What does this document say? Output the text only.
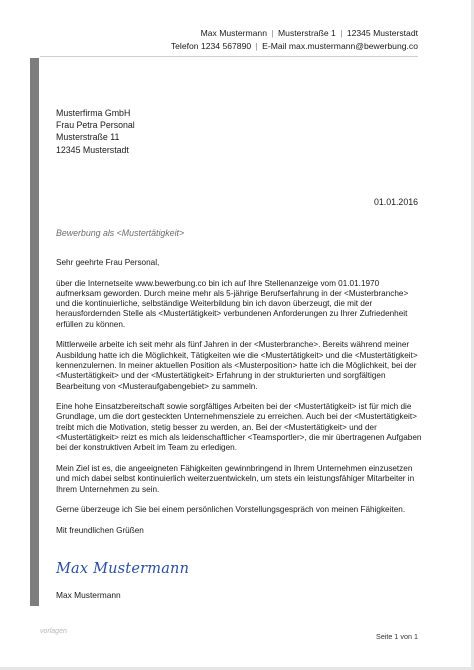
Max Mustermann | Musterstraße 1 | 12345 Musterstadt
Telefon 1234 567890 | E-Mail max.mustermann@bewerbung.co
Musterfirma GmbH
Frau Petra Personal
Musterstraße 11
12345 Musterstadt
01.01.2016
Bewerbung als <Mustertätigkeit>

Sehr geehrte Frau Personal,

über die Internetseite www.bewerbung.co bin ich auf Ihre Stellenanzeige vom 01.01.1970 aufmerksam geworden. Durch meine mehr als 5-jährige Berufserfahrung in der <Musterbranche> und die kontinuierliche, selbständige Weiterbildung bin ich davon überzeugt, die mit der herausfordernden Stelle als <Mustertätigkeit> verbundenen Anforderungen zu Ihrer Zufriedenheit erfüllen zu können.

Mittlerweile arbeite ich seit mehr als fünf Jahren in der <Musterbranche>. Bereits während meiner Ausbildung hatte ich die Möglichkeit, Tätigkeiten wie die <Mustertätigkeit> und die <Mustertätigkeit> kennenzulernen. In meiner aktuellen Position als <Musterposition> hatte ich die Möglichkeit, bei der <Mustertätigkeit> und der <Mustertätigkeit> Erfahrung in der strukturierten und sorgfältigen Bearbeitung von <Musteraufgabengebiet> zu sammeln.

Eine hohe Einsatzbereitschaft sowie sorgfältiges Arbeiten bei der <Mustertätigkeit> ist für mich die Grundlage, um die dort gesteckten Unternehmensziele zu erreichen. Auch bei der <Mustertätigkeit> treibt mich die Motivation, stetig besser zu werden, an. Bei der <Mustertätigkeit> und der <Mustertätigkeit> reizt es mich als leidenschaftlicher <Teamsportler>, die mir übertragenen Aufgaben bei der konstruktiven Arbeit im Team zu erledigen.

Mein Ziel ist es, die angeeigneten Fähigkeiten gewinnbringend in Ihrem Unternehmen einzusetzen und mich dabei selbst kontinuierlich weiterzuentwickeln, um stets ein leistungsfähiger Mitarbeiter in Ihrem Unternehmen zu sein.

Gerne überzeuge ich Sie bei einem persönlichen Vorstellungsgespräch von meinen Fähigkeiten.

Mit freundlichen Grüßen

Max Mustermann
Max Mustermann
vorlagen
Seite 1 von 1
